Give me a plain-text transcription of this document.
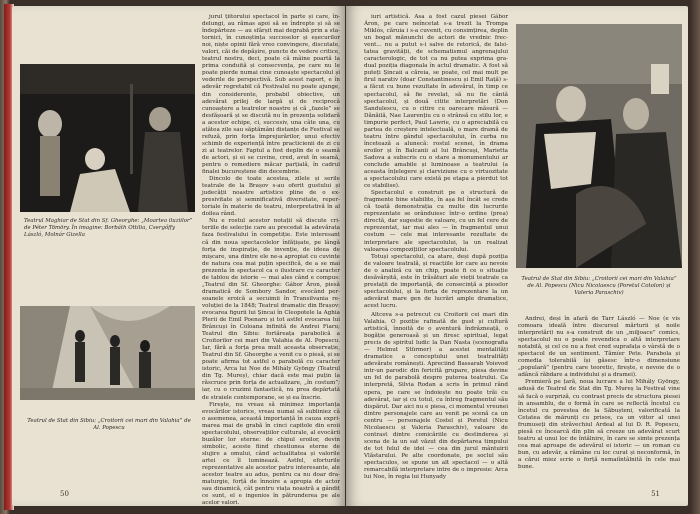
Teatrul Maghiar de Stat din Sf. Gheorghe: „Moartea iluziilor” de Péter Tömöry. În imagine: Borbáth Ottilia, Csergőffy László, Molnár Gizella
Teatrul de Stat din Sibiu: „Croitorii cei mari din Valahia” de Al. Popescu

jurul țiitorului spectacol în parte și care, îndelungi, au rămas apoi să se îndrepte și să se îndepărteze — au sfârșit mai degrabă prin a statornici, în cunoștința succeselor și eșecurilor noi, niște opinii fără vreo convingere, discutate, valori, căi de depășire, puncte de vedere critice, teatrul nostru, deci, poate că mâine poartă la prima conduită și consecvența, pe care nu le poate pierde numai cine cunoaște spectacolul și vederile de perspectivă. Sub acest raport, e în adevăr regretabil că Festivalul nu poate ajunge, din considerente, probabil obiective, un adevărat prilej de largă și de reciprocă cunoaștere a teatrelor noastre și că „fazele” se desfășoară și se discută nu în prezența solidară a acestor echipe, ci, succesiv, una câte una, cu atâtea zile sau săptămâni distanțe de Festival se refuză, prin forța împrejurărilor, unui efectiv schimb de experiență între practicienii de zi cu zi ai teatrelor. Faptul a fost deplin de o seamă de actori, și ei se cuvine, cred, avut în seamă, pentru o remediere măcar parțială, în cadrul finalei bucureștene din decembrie.

Dincolo de toate acestea, zilele și serile teatrale de la Brașov s-au oferit gustului și judecății noastre artistice pline de o expresivitate și semnificativă diversitate, repertoriale în materie de teatru, interpretativă în al doilea rând.

Nu e rostul acestor notații să discute criteriile de selecție care au precedat la adevărata faza festivalului în competiție. Este interesant că din noua spectacolelor înfățișate, pe lângă forța de inspirație, de invenție, de ideea de mișcare, una dintre ele ne-a apropiat cu cuvinte de natura cea mai puțin specifică, de a se mai prezenta în spectacol ca o ilustrare cu caracter de tablou de istorie — mai ales când e compus: „Teatrul din Sf. Gheorghe: Gábor Áron, piesă dramatică de Sombory Sandor, evocând persoanele eroică a secuimii în Transilvania revoluției de la 1848; Teatrul dramatic din Brașov: evocarea figurii lui Șincai în Cleopotele la Aghia Plerii de Emil Poenaru și tot astfel evocarea lui Brâncuși în Coloana infinită de Andrei Fiaru; Teatrul din Sibiu: fortăreața parabolică a Croitorilor cei mari din Valahia de Al. Popescu. Iar, fără a forța prea mult aceasta observație, Teatrul din Sf. Gheorghe a venit cu o piesă, și se poate afirma tot astfel o parabolă cu caracter istoric, Arca lui Noe de Mihály Gyöngy (Teatrul din Tg. Mureș), chiar dacă este mai puțin la răscruce prin forța de actualizare, „în costum”; iar, cu o cruzimi fantastică, nu prea depărtată de straiele contemporane, se și ea înscrie.

Firește, nu vreau să minimez importanța evocărilor istorice, vreau numai să subliniez că o asemenea, această importanță în cauza exprimarea mai de grabă în cinci capitole din eroii spectacolului, observațiilor culturale, al evocării buzălor lor eterne: de chipul eroilor, devin simbolic, aceste fiind chestiunea eterne de slujire a omului, când actualitatea și valorile artei ce îl luminează. Astfel, eforturile reprezentative ale acestor patru interesante, ale acestor teatre au adus, pentru ca nu doar dramaturgie, forță de înnoire a apropia de actor sau dinamică, cât pentru viața noastră a gândit ce sunt, el e ingenios în pătrunderea pe ale acelor valori.

50

iuri artistică. Asa a fost cazul piesei Gábor Áron, pe care neîncetat s-a trezit la Trompa Miklós, căruia i s-a cuvenit, cu consimțirea, deplin un bogat mănunchi de actori de vrednic frecvent... nu a putut s-i salve de retorică, de falsitatea gravității, de schematismul angrenajului caracterologic, de tot ca nu putea exprima gradual poziția diagonala în actul dramatic. A fost să puteți Șincaii a căreia, se poate, cel mai mult pe firul narativ (doar Constantinescu și Emil Rață) s-a făcut cu bune rezultate în adevărul, în timp ce spectacolul, să fie revelat, să nu fie cântă spectacolul, și două citite interpretări (Don Sandulescu, cu o citire cu oarecare măsură — Dănăilă, Nae Laurențiu cu o strânsă cu stilu lor, e timpurie perfect, Paul Lawrie, cu o apreciabilă cu partea de creștere intelectuală, o mare dramă de teatru între gândul spectacolului, în curba nu încetează a alunecă: rostul scenei, în drama eroilor și în Balcanii al lui Brâncuși, Marietta Sadova a subscris cu o stare a monumentului ar conclude amabile și luminoase a teatrului (a aceasta înțelegere și clarviziune cu o virtuozitate a spectacolului care există pe etapa a pierdut tot ce stabilise).

Spectacolul e construit pe o structură de fragmente bine stabilite, în așa fel încât se crede că toată demonstrația cu multe din lucrurile reprezentate se orânduiesc într-o ordine (prea) directă, dar sugestie de valoare, cu un fel cere de reprezentat, iar mai ales — în fragmentul unui costum — cele mai interesante rezultate de interpretare ale spectacolului, la un realizat valoarea compozițiilor spectacolului.

Totuși spectacolul, ca atare, deși după poziția de valoare teatrală, și reacțiile lor care au nevoie de o analiză cu un chip, poate fi ce o situație desăvârșită, este în trăsături ale vieții teatrale ca prestații de importanță, de consecință a pieselor spectacolului, și la forța de reprezentare la un adevărat mare gen de lucrări ample dramatice, acest lucru.

Altceva s-a petrecut cu Croitorii cei mari din Valahia. O poziție rafinată de gust și cultură artistică, înnoită de o aventură îndrăzneață, o bogăție generoasă și un firesc spiritual, legat precis de spiritul ludic la Dan Nasta (scenografia — Helmut Stürmer) a acestei mentalități dramatice a conceptului unei teatralități adevărate românești. Apreciind Bassarab Voievod intr-un parodic din fericită grupare, piesa devine un fel de parabolă despre puterea teatrului. Ca interpretă, Silvia Rodan a scris în primul rând opera, pe care se îndoiește nu poate trăi cu adevărat, iar și cu totul, cu întreg fragmentul său dispărut. Dar aici nu e piesa, ci momentul vreunei dintre personajele care au venit pe scenă ca un centru — personajele Costel și Poretul (Nicu Nicolaescu și Valeria Paraschiv), valoare de contrast dintre comicăriile cu destinderea și scena de la un sat văzut din depărtarea timpului de tot felul de idei — cea din jurul mântuirii Vlăstarului. Pe alte coordonate, pe soclul său spectaculos, se spune un alt spectacol — o altă remarcabilă interpretare intre de o impresie: Arca lui Noe, în regia lui Hunyady

Teatrul de Stat din Sibiu: „Croitorii cei mari din Valahia” de Al. Popescu (Nicu Nicolaescu (Poretul Cotolon) și Valeria Paraschiv)

Andrei, deși în afară de Tarr László — Noe (e vis comoara ideală între discursul mărturii și noile interpretări) nu s-a construit de un „miljoace” comics, spectacolul nu o poate revendica o altă interpretare notabilă, și cel ce nu a fost cred suprafața o vârstă de o spectacol de un sentiment. Tămíer Pete. Parabola și comedia tolerabilă își găsesc într-o dimensiune „populară” (pentru care teoretic, firește, e nevoie de o adâncă răbdare a individului și a dramei).

Premieră pe țară, noua lucrare a lui Mihály Gyöngy, adusă de Teatrul de Stat din Tg. Mureș la Festival vine să facă o surpriză, cu contrast precis de structura piesei în ansamblu, de o formă în care se reflectă încetul cu încetul cu povestea de la Săbușteni, valorificată la Cetatea de mărunți cu prisos, ca un viitor al unei frumuseți din străvechiul Ardeal al lui D. R. Popescu, piesă ce încearcă din plin să creeze un adevărat scurt teatru al unui loc de întâlnire, în care se simte prezența cea mai aproape de adevărul ei istoric — un roman cu bun, cu adevăr, a rămâne cu loc curat și neconformă, în a cărui miez scrie o forță nemaiîntâlnită în cele mai bune.

51
